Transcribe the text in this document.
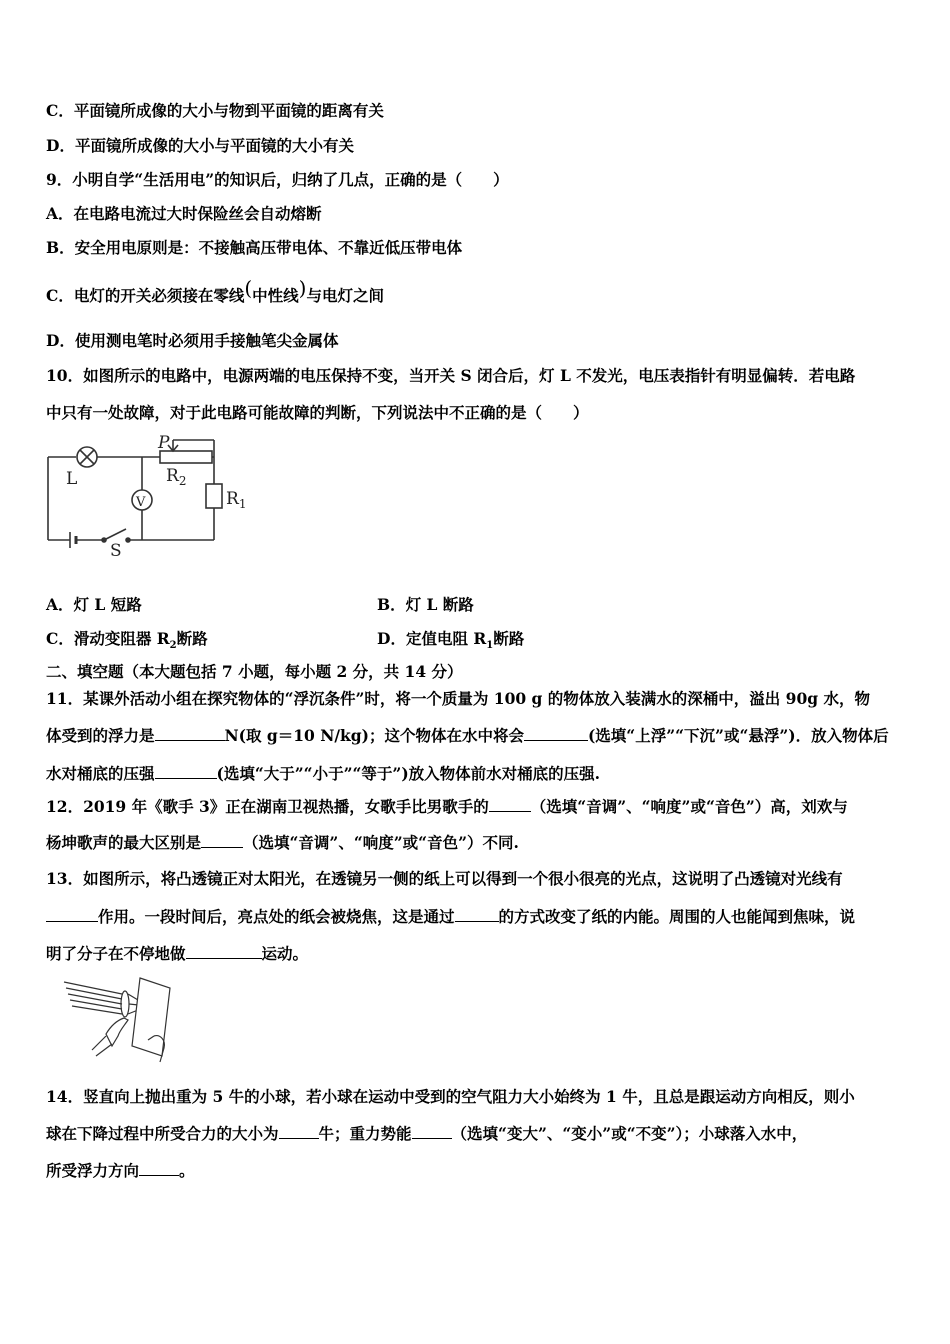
C．平面镜所成像的大小与物到平面镜的距离有关
D．平面镜所成像的大小与平面镜的大小有关
9．小明自学“生活用电”的知识后，归纳了几点，正确的是（　　）
A．在电路电流过大时保险丝会自动熔断
B．安全用电原则是：不接触高压带电体、不靠近低压带电体
C．电灯的开关必须接在零线(中性线)与电灯之间
D．使用测电笔时必须用手接触笔尖金属体
10．如图所示的电路中，电源两端的电压保持不变，当开关 S 闭合后，灯 L 不发光，电压表指针有明显偏转．若电路
中只有一处故障，对于此电路可能故障的判断，下列说法中不正确的是（　　）
L
P
$R_2$
$R_1$
V
S
A．灯 L 短路	B．灯 L 断路
C．滑动变阻器 $R_2$断路	D．定值电阻 $R_1$断路
二、填空题（本大题包括 7 小题，每小题 2 分，共 14 分）
11．某课外活动小组在探究物体的“浮沉条件”时，将一个质量为 100 g 的物体放入装满水的深桶中，溢出 90g 水，物
体受到的浮力是	N(取 g＝10 N/kg)；这个物体在水中将会	(选填“上浮”“下沉”或“悬浮”)．放入物体后
水对桶底的压强	(选填“大于”“小于”“等于”)放入物体前水对桶底的压强.
12．2019 年《歌手 3》正在湖南卫视热播，女歌手比男歌手的	（选填“音调”、“响度”或“音色”）高，刘欢与
杨坤歌声的最大区别是	（选填“音调”、“响度”或“音色”）不同.
13．如图所示，将凸透镜正对太阳光，在透镜另一侧的纸上可以得到一个很小很亮的光点，这说明了凸透镜对光线有
作用。一段时间后，亮点处的纸会被烧焦，这是通过	的方式改变了纸的内能。周围的人也能闻到焦味，说
明了分子在不停地做	运动。
14．竖直向上抛出重为 5 牛的小球，若小球在运动中受到的空气阻力大小始终为 1 牛，且总是跟运动方向相反，则小
球在下降过程中所受合力的大小为	牛；重力势能	（选填“变大”、“变小”或“不变”）；小球落入水中，
所受浮力方向	。
